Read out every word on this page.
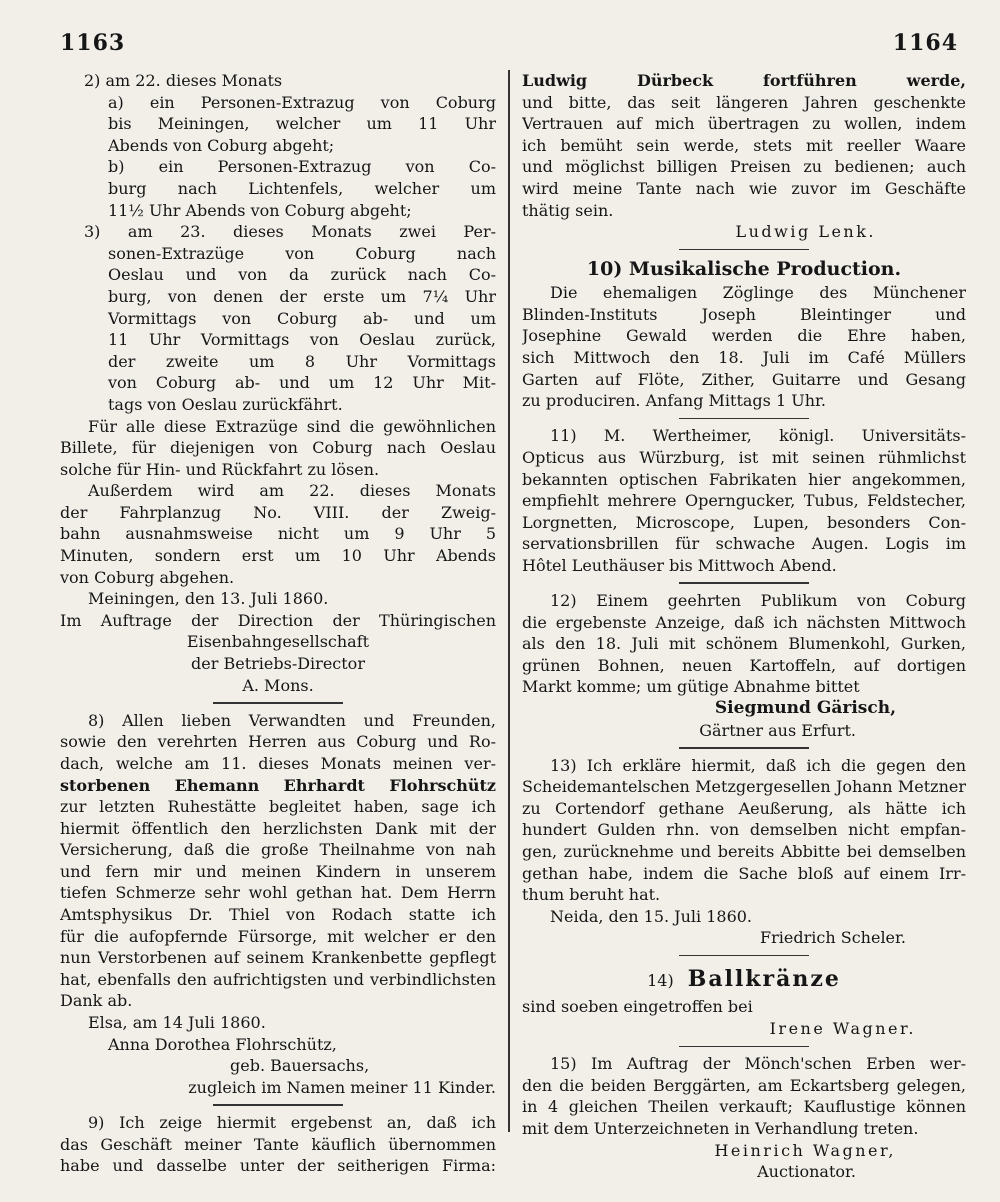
1163	1164
2) am 22. dieses Monats
a) ein Personen-Extrazug von Coburg
bis Meiningen, welcher um 11 Uhr
Abends von Coburg abgeht;
b) ein Personen-Extrazug von Co-
burg nach Lichtenfels, welcher um
11½ Uhr Abends von Coburg abgeht;
3) am 23. dieses Monats zwei Per-
sonen-Extrazüge von Coburg nach
Oeslau und von da zurück nach Co-
burg, von denen der erste um 7¼ Uhr
Vormittags von Coburg ab- und um
11 Uhr Vormittags von Oeslau zurück,
der zweite um 8 Uhr Vormittags
von Coburg ab- und um 12 Uhr Mit-
tags von Oeslau zurückfährt.
Für alle diese Extrazüge sind die gewöhnlichen
Billete, für diejenigen von Coburg nach Oeslau
solche für Hin- und Rückfahrt zu lösen.
Außerdem wird am 22. dieses Monats
der Fahrplanzug No. VIII. der Zweig-
bahn ausnahmsweise nicht um 9 Uhr 5
Minuten, sondern erst um 10 Uhr Abends
von Coburg abgehen.
Meiningen, den 13. Juli 1860.
Im Auftrage der Direction der Thüringischen
Eisenbahngesellschaft
der Betriebs-Director
A. Mons.
8) Allen lieben Verwandten und Freunden,
sowie den verehrten Herren aus Coburg und Ro-
dach, welche am 11. dieses Monats meinen ver-
storbenen Ehemann Ehrhardt Flohrschütz
zur letzten Ruhestätte begleitet haben, sage ich
hiermit öffentlich den herzlichsten Dank mit der
Versicherung, daß die große Theilnahme von nah
und fern mir und meinen Kindern in unserem
tiefen Schmerze sehr wohl gethan hat. Dem Herrn
Amtsphysikus Dr. Thiel von Rodach statte ich
für die aufopfernde Fürsorge, mit welcher er den
nun Verstorbenen auf seinem Krankenbette gepflegt
hat, ebenfalls den aufrichtigsten und verbindlichsten
Dank ab.
Elsa, am 14 Juli 1860.
Anna Dorothea Flohrschütz,
geb. Bauersachs,
zugleich im Namen meiner 11 Kinder.
9) Ich zeige hiermit ergebenst an, daß ich
das Geschäft meiner Tante käuflich übernommen
habe und dasselbe unter der seitherigen Firma:
Ludwig Dürbeck fortführen werde,
und bitte, das seit längeren Jahren geschenkte
Vertrauen auf mich übertragen zu wollen, indem
ich bemüht sein werde, stets mit reeller Waare
und möglichst billigen Preisen zu bedienen; auch
wird meine Tante nach wie zuvor im Geschäfte
thätig sein.
Ludwig Lenk.
10) Musikalische Production.
Die ehemaligen Zöglinge des Münchener
Blinden-Instituts Joseph Bleintinger und
Josephine Gewald werden die Ehre haben,
sich Mittwoch den 18. Juli im Café Müllers
Garten auf Flöte, Zither, Guitarre und Gesang
zu produciren. Anfang Mittags 1 Uhr.
11) M. Wertheimer, königl. Universitäts-
Opticus aus Würzburg, ist mit seinen rühmlichst
bekannten optischen Fabrikaten hier angekommen,
empfiehlt mehrere Operngucker, Tubus, Feldstecher,
Lorgnetten, Microscope, Lupen, besonders Con-
servationsbrillen für schwache Augen. Logis im
Hôtel Leuthäuser bis Mittwoch Abend.
12) Einem geehrten Publikum von Coburg
die ergebenste Anzeige, daß ich nächsten Mittwoch
als den 18. Juli mit schönem Blumenkohl, Gurken,
grünen Bohnen, neuen Kartoffeln, auf dortigen
Markt komme; um gütige Abnahme bittet
Siegmund Gärisch,
Gärtner aus Erfurt.
13) Ich erkläre hiermit, daß ich die gegen den
Scheidemantelschen Metzgergesellen Johann Metzner
zu Cortendorf gethane Aeußerung, als hätte ich
hundert Gulden rhn. von demselben nicht empfan-
gen, zurücknehme und bereits Abbitte bei demselben
gethan habe, indem die Sache bloß auf einem Irr-
thum beruht hat.
Neida, den 15. Juli 1860.
Friedrich Scheler.
14) Ballkränze
sind soeben eingetroffen bei
Irene Wagner.
15) Im Auftrag der Mönch'schen Erben wer-
den die beiden Berggärten, am Eckartsberg gelegen,
in 4 gleichen Theilen verkauft; Kauflustige können
mit dem Unterzeichneten in Verhandlung treten.
Heinrich Wagner,
Auctionator.
